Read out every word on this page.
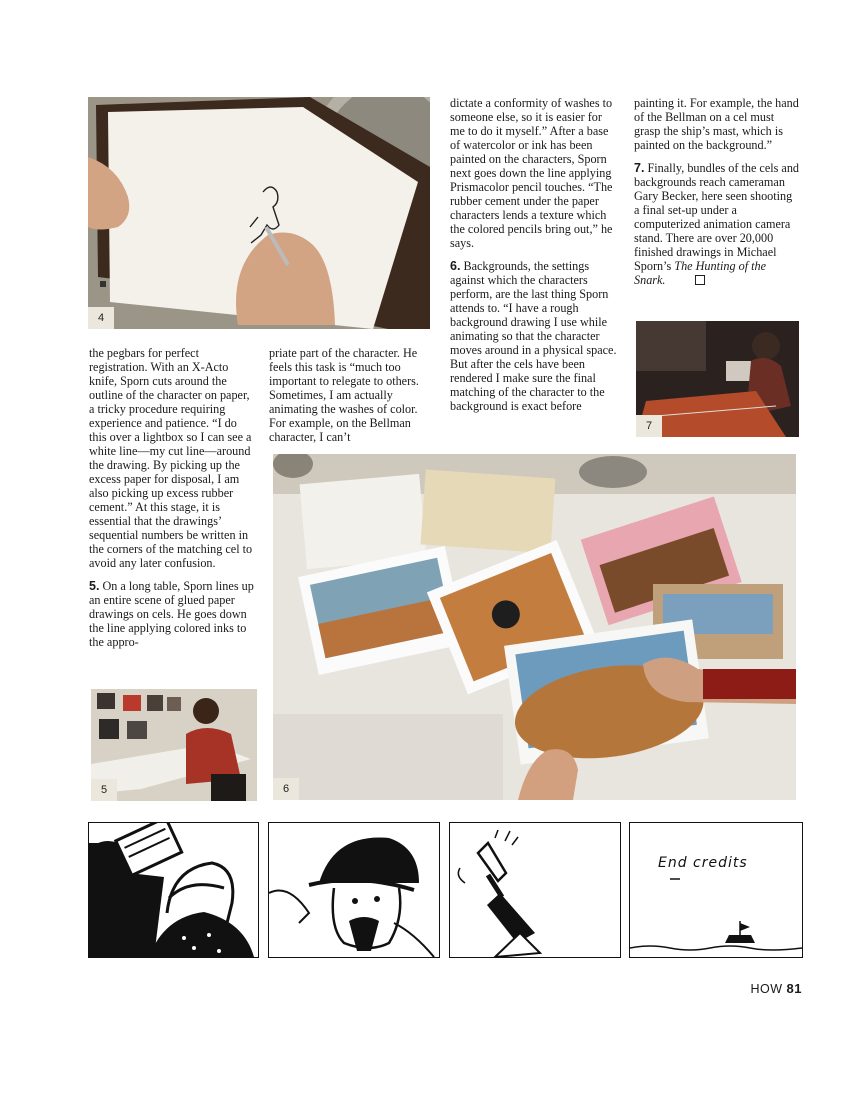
4

dictate a conformity of washes to someone else, so it is easier for me to do it myself.” After a base of watercolor or ink has been painted on the characters, Sporn next goes down the line applying Prismacolor pencil touches. “The rubber cement under the paper characters lends a texture which the colored pencils bring out,” he says.

6. Backgrounds, the settings against which the characters perform, are the last thing Sporn attends to. “I have a rough background drawing I use while animating so that the character moves around in a physical space. But after the cels have been rendered I make sure the final matching of the character to the background is exact before

painting it. For example, the hand of the Bellman on a cel must grasp the ship’s mast, which is painted on the background.”

7. Finally, bundles of the cels and backgrounds reach cameraman Gary Becker, here seen shooting a final set-up under a computerized animation camera stand. There are over 20,000 finished drawings in Michael Sporn’s The Hunting of the Snark.

7

the pegbars for perfect registration. With an X-Acto knife, Sporn cuts around the outline of the character on paper, a tricky procedure requiring experience and patience. “I do this over a lightbox so I can see a white line—my cut line—around the drawing. By picking up the excess paper for disposal, I am also picking up excess rubber cement.” At this stage, it is essential that the drawings’ sequential numbers be written in the corners of the matching cel to avoid any later confusion.

5. On a long table, Sporn lines up an entire scene of glued paper drawings on cels. He goes down the line applying colored inks to the appro-

priate part of the character. He feels this task is “much too important to relegate to others. Sometimes, I am actually animating the washes of color. For example, on the Bellman character, I can’t

6
5
End credits
HOW 81
